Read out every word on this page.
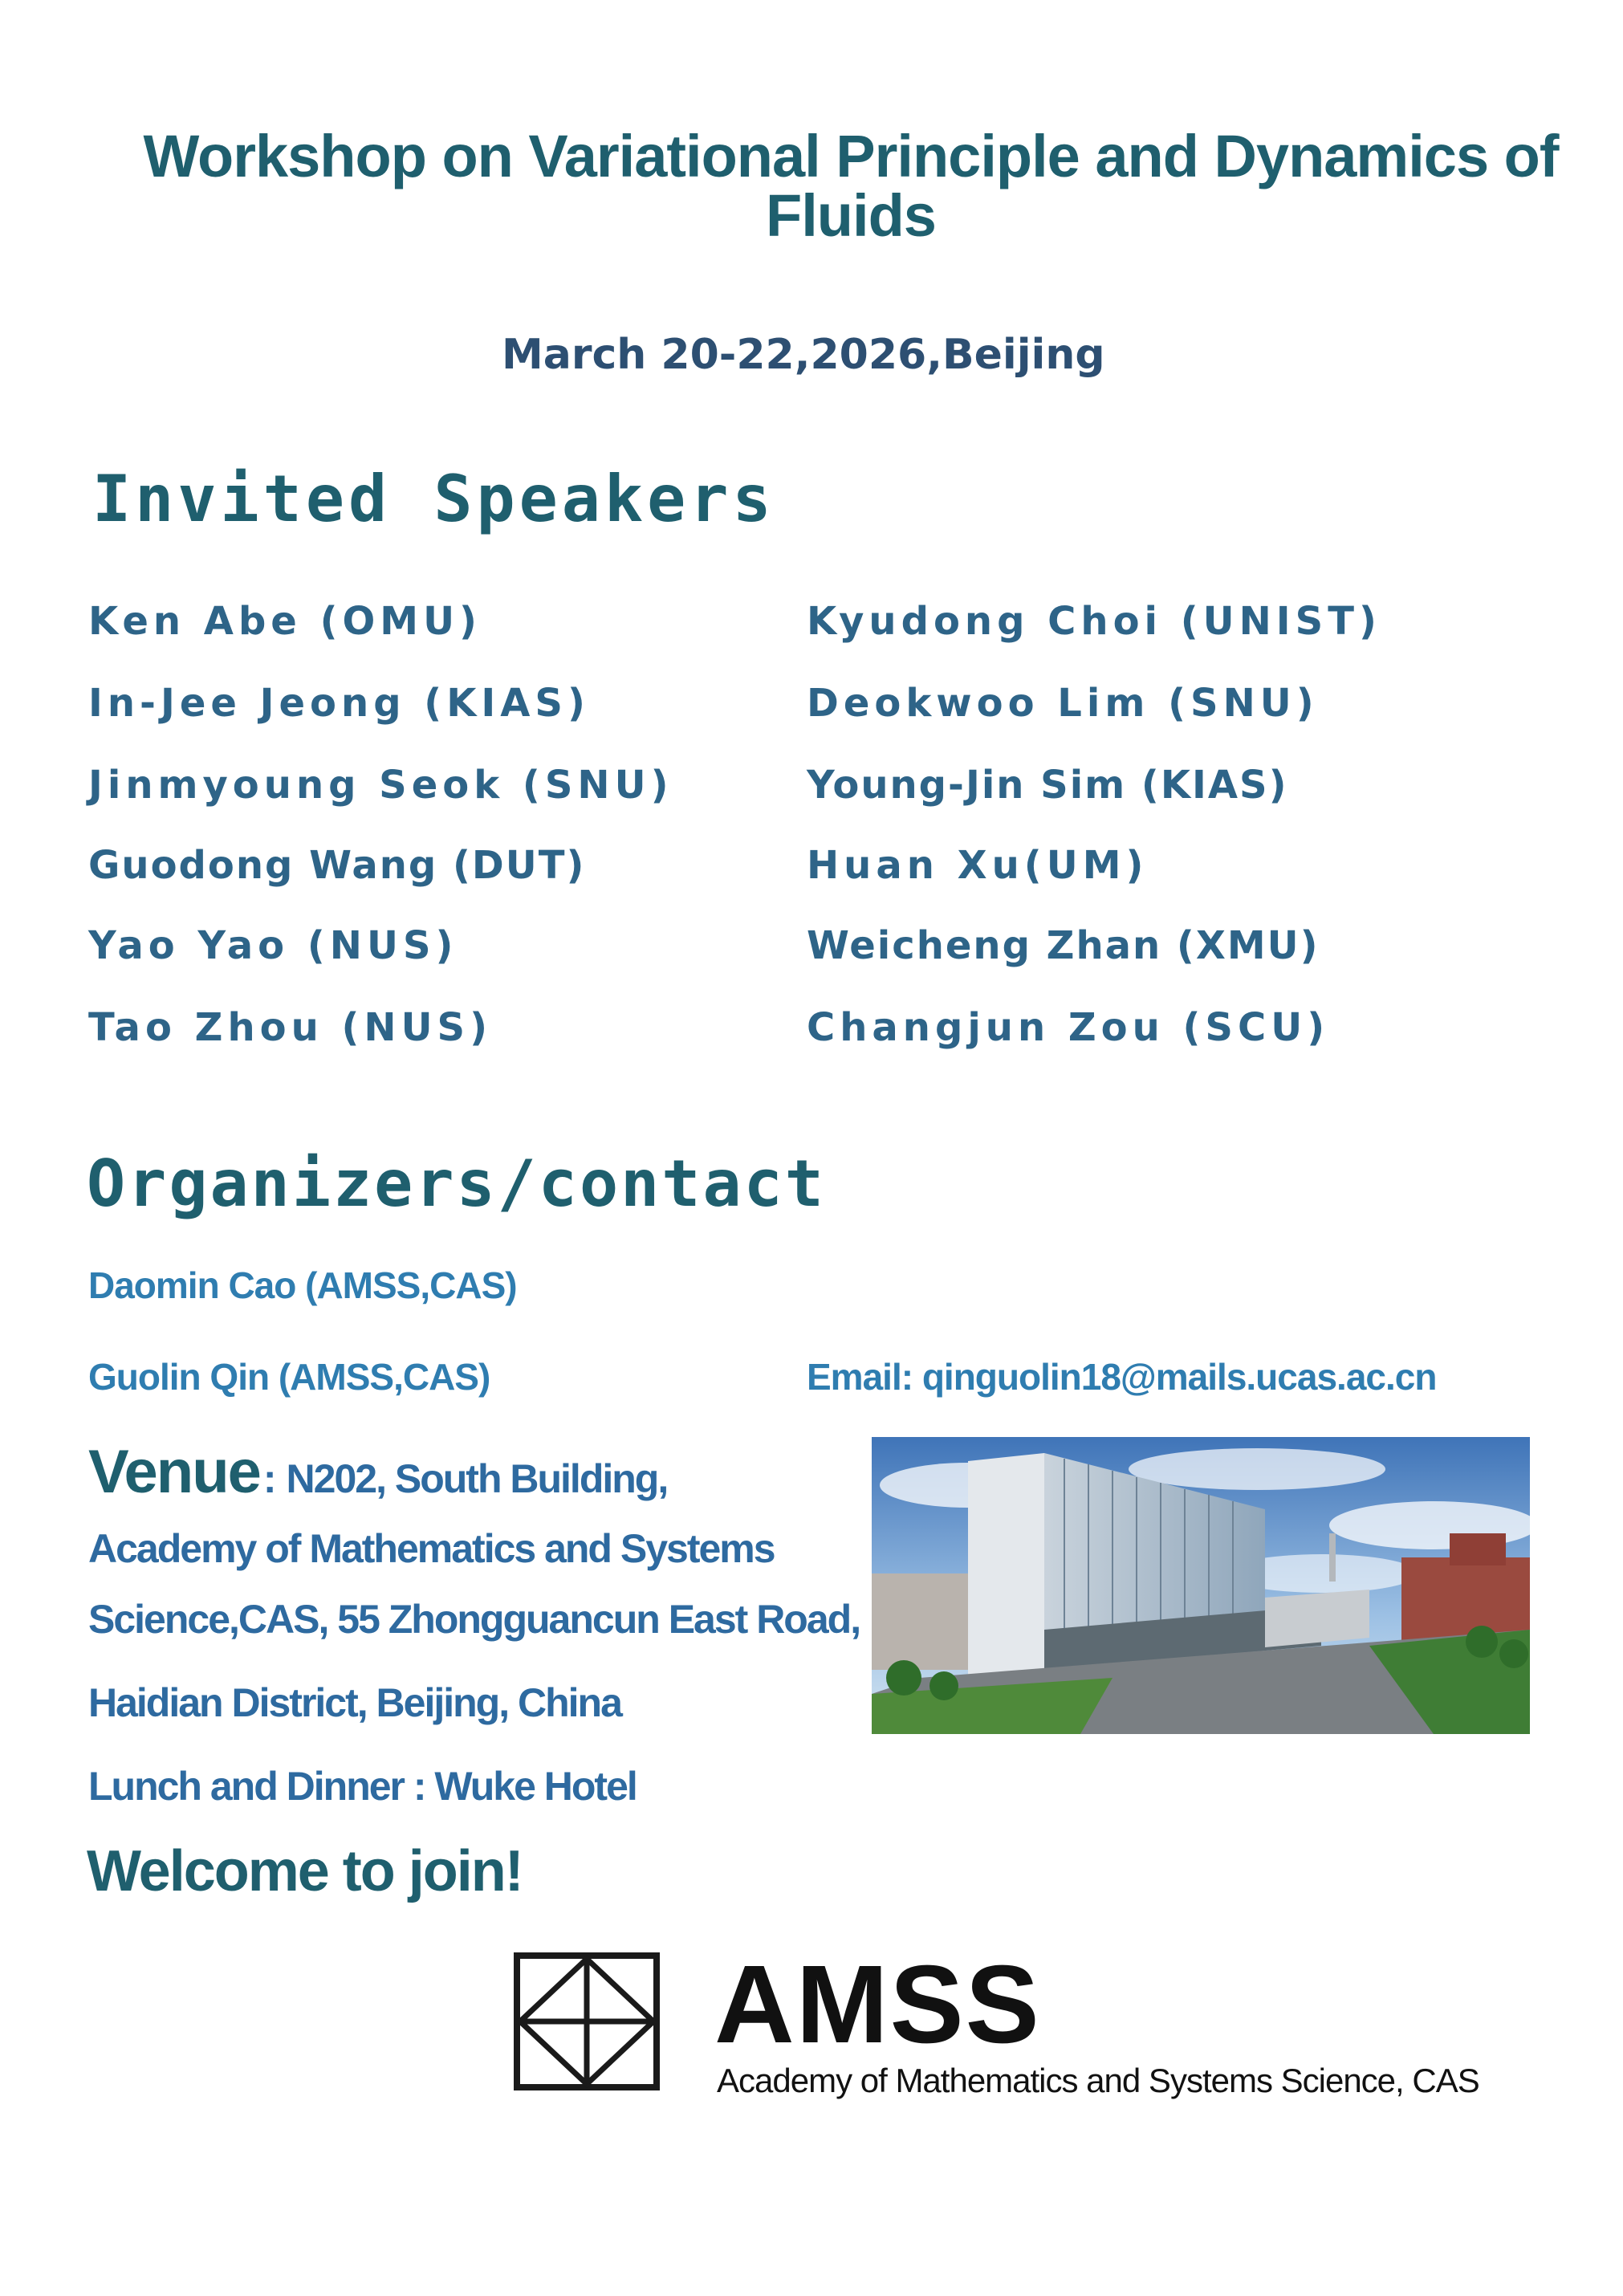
Workshop on Variational Principle and Dynamics of Fluids
March 20-22,2026,Beijing
Invited Speakers
Ken Abe (OMU)
In-Jee Jeong (KIAS)
Jinmyoung Seok (SNU)
Guodong Wang (DUT)
Yao Yao (NUS)
Tao Zhou (NUS)
Kyudong Choi (UNIST)
Deokwoo Lim (SNU)
Young-Jin Sim (KIAS)
Huan Xu(UM)
Weicheng Zhan (XMU)
Changjun Zou (SCU)
Organizers/contact
Daomin Cao (AMSS,CAS)
Guolin Qin (AMSS,CAS)	Email: qinguolin18@mails.ucas.ac.cn
Venue: N202, South Building,
Academy of Mathematics and Systems
Science,CAS, 55 Zhongguancun East Road,
Haidian District, Beijing, China
Lunch and Dinner : Wuke Hotel
Welcome to join!
AMSS
Academy of Mathematics and Systems Science, CAS
